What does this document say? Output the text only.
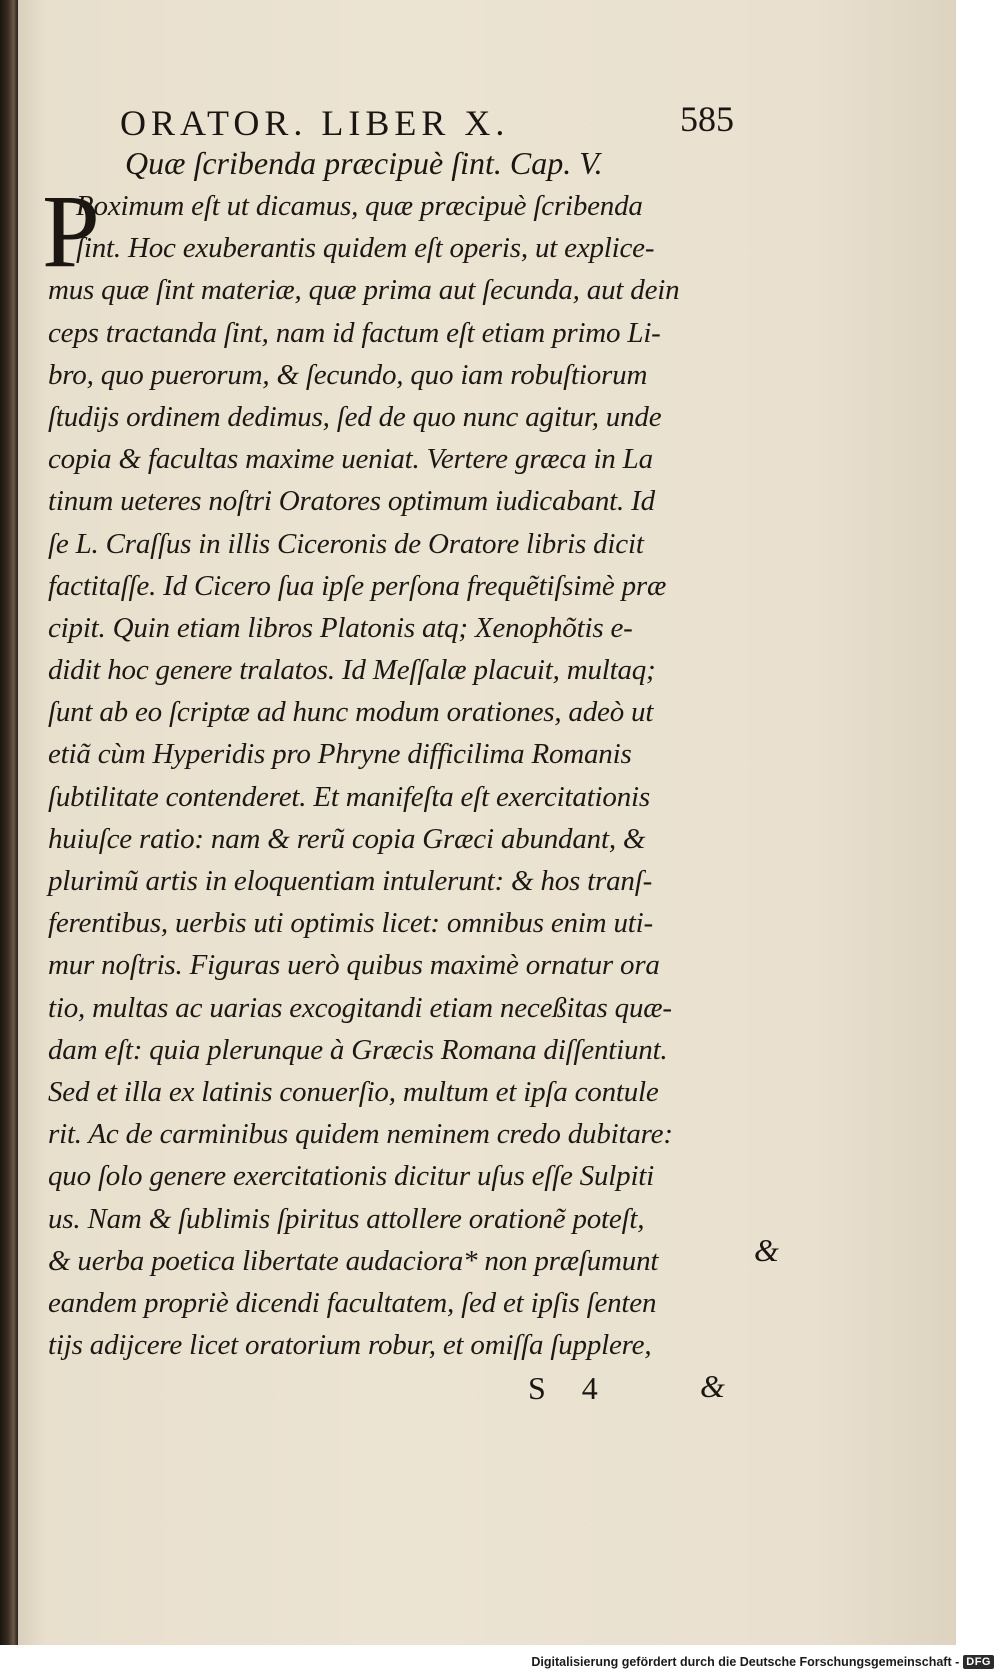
ORATOR. LIBER X.	585
Quæ ſcribenda præcipuè ſint. Cap. V.
P
Roximum eſt ut dicamus, quæ præcipuè ſcribenda
ſint. Hoc exuberantis quidem eſt operis, ut explice-
mus quæ ſint materiæ, quæ prima aut ſecunda, aut dein
ceps tractanda ſint, nam id factum eſt etiam primo Li-
bro, quo puerorum, & ſecundo, quo iam robuſtiorum
ſtudijs ordinem dedimus, ſed de quo nunc agitur, unde
copia & facultas maxime ueniat. Vertere græca in La
tinum ueteres noſtri Oratores optimum iudicabant. Id
ſe L. Craſſus in illis Ciceronis de Oratore libris dicit
factitaſſe. Id Cicero ſua ipſe perſona frequẽtiſsimè præ
cipit. Quin etiam libros Platonis atq; Xenophõtis e-
didit hoc genere tralatos. Id Meſſalæ placuit, multaq;
ſunt ab eo ſcriptæ ad hunc modum orationes, adeò ut
etiã cùm Hyperidis pro Phryne difficilima Romanis
ſubtilitate contenderet. Et manifeſta eſt exercitationis
huiuſce ratio: nam & rerũ copia Græci abundant, &
plurimũ artis in eloquentiam intulerunt: & hos tranſ-
ferentibus, uerbis uti optimis licet: omnibus enim uti-
mur noſtris. Figuras uerò quibus maximè ornatur ora
tio, multas ac uarias excogitandi etiam neceßitas quæ-
dam eſt: quia plerunque à Græcis Romana diſſentiunt.
Sed et illa ex latinis conuerſio, multum et ipſa contule
rit. Ac de carminibus quidem neminem credo dubitare:
quo ſolo genere exercitationis dicitur uſus eſſe Sulpiti
us. Nam & ſublimis ſpiritus attollere orationẽ poteſt,
& uerba poetica libertate audaciora* non præſumunt
eandem propriè dicendi facultatem, ſed et ipſis ſenten
tijs adijcere licet oratorium robur, et omiſſa ſupplere,
&
S 4	&
Digitalisierung gefördert durch die Deutsche Forschungsgemeinschaft - DFG
